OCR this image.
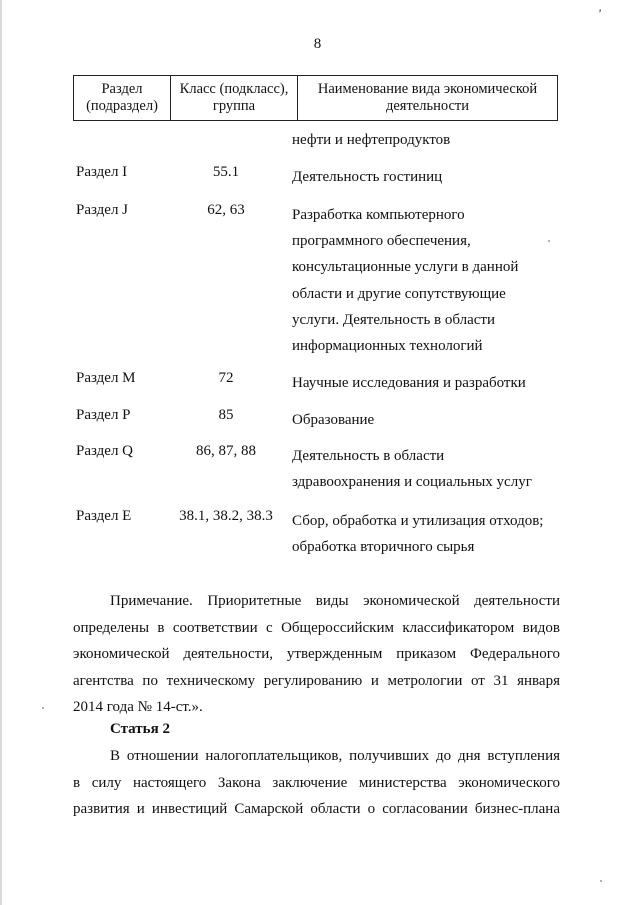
'
8
Раздел (подраздел)	Класс (подкласс), группа	Наименование вида экономической деятельности
нефти и нефтепродуктов
Раздел I	55.1	Деятельность гостиниц
Раздел J	62, 63	Разработка компьютерного
программного обеспечения,
консультационные услуги в данной
области и другие сопутствующие
услуги. Деятельность в области
информационных технологий
Раздел M	72	Научные исследования и разработки
Раздел P	85	Образование
Раздел Q	86, 87, 88	Деятельность в области
здравоохранения и социальных услуг
Раздел E	38.1, 38.2, 38.3	Сбор, обработка и утилизация отходов;
обработка вторичного сырья
Примечание. Приоритетные виды экономической деятельности
определены в соответствии с Общероссийским классификатором видов
экономической деятельности, утвержденным приказом Федерального
агентства по техническому регулированию и метрологии от 31 января
2014 года № 14-ст.».
Статья 2
В отношении налогоплательщиков, получивших до дня вступления
в силу настоящего Закона заключение министерства экономического
развития и инвестиций Самарской области о согласовании бизнес-плана
